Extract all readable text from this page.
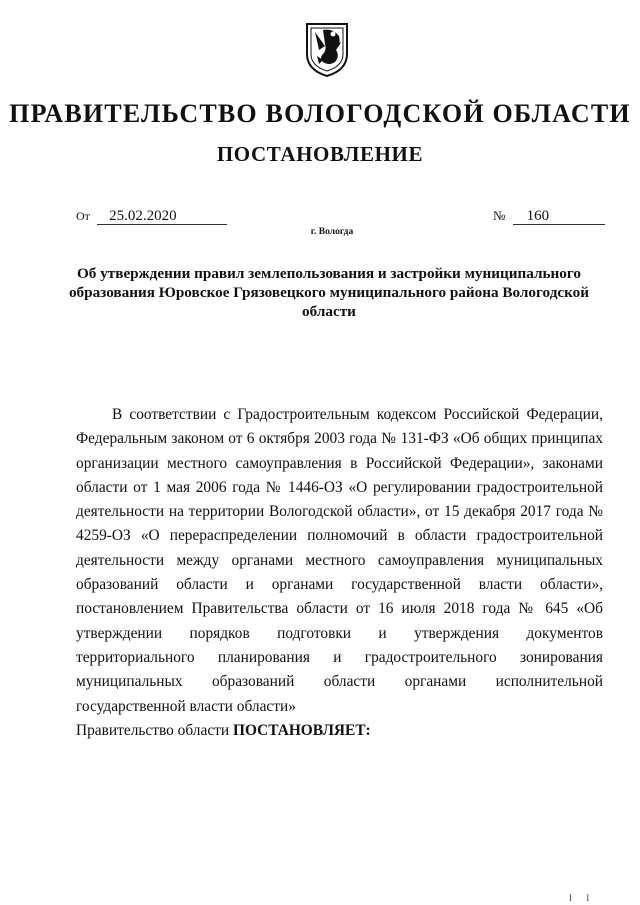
ПРАВИТЕЛЬСТВО ВОЛОГОДСКОЙ ОБЛАСТИ
ПОСТАНОВЛЕНИЕ
От 25.02.2020	№ 160
г. Вологда
Об утверждении правил землепользования и застройки муниципального образования Юровское Грязовецкого муниципального района Вологодской области

В соответствии с Градостроительным кодексом Российской Федерации, Федеральным законом от 6 октября 2003 года № 131-ФЗ «Об общих принципах организации местного самоуправления в Российской Федерации», законами области от 1 мая 2006 года № 1446-ОЗ «О регулировании градостроительной деятельности на территории Вологодской области», от 15 декабря 2017 года № 4259-ОЗ «О перераспределении полномочий в области градостроительной деятельности между органами местного самоуправления муниципальных образований области и органами государственной власти области», постановлением Правительства области от 16 июля 2018 года № 645 «Об утверждении порядков подготовки и утверждения документов территориального планирования и градостроительного зонирования муниципальных образований области органами исполнительной государственной власти области»

Правительство области ПОСТАНОВЛЯЕТ:
I I
